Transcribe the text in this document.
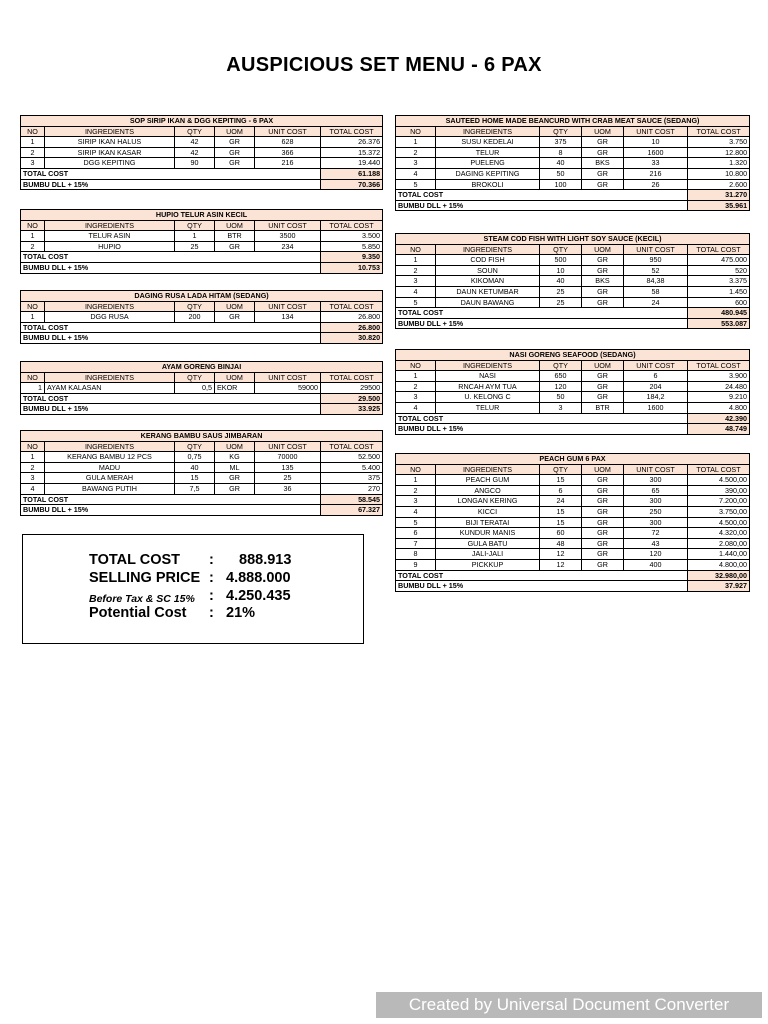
AUSPICIOUS SET MENU - 6 PAX
SOP SIRIP IKAN & DGG KEPITING - 6 PAX					
NO	INGREDIENTS	QTY	UOM	UNIT COST	TOTAL COST
1	SIRIP IKAN HALUS	42	GR	628	26.376
2	SIRIP IKAN KASAR	42	GR	366	15.372
3	DGG KEPITING	90	GR	216	19.440
TOTAL COST					61.188
BUMBU DLL + 15%					70.366
HUPIO TELUR ASIN KECIL					
NO	INGREDIENTS	QTY	UOM	UNIT COST	TOTAL COST
1	TELUR ASIN	1	BTR	3500	3.500
2	HUPIO	25	GR	234	5.850
TOTAL COST					9.350
BUMBU DLL + 15%					10.753
DAGING RUSA LADA HITAM (SEDANG)					
NO	INGREDIENTS	QTY	UOM	UNIT COST	TOTAL COST
1	DGG RUSA	200	GR	134	26.800
TOTAL COST					26.800
BUMBU DLL + 15%					30.820
AYAM GORENG BINJAI					
NO	INGREDIENTS	QTY	UOM	UNIT COST	TOTAL COST
1	AYAM KALASAN	0,5	EKOR	59000	29500
TOTAL COST					29.500
BUMBU DLL + 15%					33.925
KERANG BAMBU SAUS JIMBARAN					
NO	INGREDIENTS	QTY	UOM	UNIT COST	TOTAL COST
1	KERANG BAMBU 12 PCS	0,75	KG	70000	52.500
2	MADU	40	ML	135	5.400
3	GULA MERAH	15	GR	25	375
4	BAWANG PUTIH	7,5	GR	36	270
TOTAL COST					58.545
BUMBU DLL + 15%					67.327
SAUTEED HOME MADE BEANCURD WITH CRAB MEAT SAUCE (SEDANG)					
NO	INGREDIENTS	QTY	UOM	UNIT COST	TOTAL COST
1	SUSU KEDELAI	375	GR	10	3.750
2	TELUR	8	GR	1600	12.800
3	PUELENG	40	BKS	33	1.320
4	DAGING KEPITING	50	GR	216	10.800
5	BROKOLI	100	GR	26	2.600
TOTAL COST					31.270
BUMBU DLL + 15%					35.961
STEAM COD FISH WITH LIGHT SOY SAUCE (KECIL)					
NO	INGREDIENTS	QTY	UOM	UNIT COST	TOTAL COST
1	COD FISH	500	GR	950	475.000
2	SOUN	10	GR	52	520
3	KIKOMAN	40	BKS	84,38	3.375
4	DAUN KETUMBAR	25	GR	58	1.450
5	DAUN BAWANG	25	GR	24	600
TOTAL COST					480.945
BUMBU DLL + 15%					553.087
NASI GORENG SEAFOOD (SEDANG)					
NO	INGREDIENTS	QTY	UOM	UNIT COST	TOTAL COST
1	NASI	650	GR	6	3.900
2	RNCAH AYM TUA	120	GR	204	24.480
3	U. KELONG C	50	GR	184,2	9.210
4	TELUR	3	BTR	1600	4.800
TOTAL COST					42.390
BUMBU DLL + 15%					48.749
PEACH GUM 6 PAX					
NO	INGREDIENTS	QTY	UOM	UNIT COST	TOTAL COST
1	PEACH GUM	15	GR	300	4.500,00
2	ANGCO	6	GR	65	390,00
3	LONGAN KERING	24	GR	300	7.200,00
4	KICCI	15	GR	250	3.750,00
5	BIJI TERATAI	15	GR	300	4.500,00
6	KUNDUR MANIS	60	GR	72	4.320,00
7	GULA BATU	48	GR	43	2.080,00
8	JALI-JALI	12	GR	120	1.440,00
9	PICKKUP	12	GR	400	4.800,00
TOTAL COST					32.980,00
BUMBU DLL + 15%					37.927
TOTAL COST : 888.913
SELLING PRICE : 4.888.000
Before Tax & SC 15% : 4.250.435
Potential Cost : 21%
Created by Universal Document Converter
